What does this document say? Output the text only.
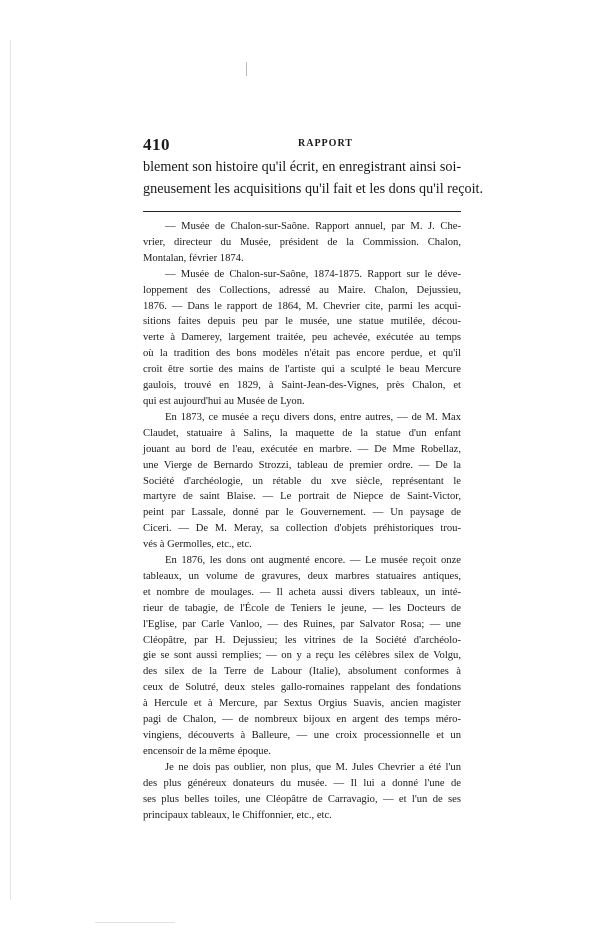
410	RAPPORT
blement son histoire qu'il écrit, en enregistrant ainsi soi-
gneusement les acquisitions qu'il fait et les dons qu'il reçoit.
— Musée de Chalon-sur-Saône. Rapport annuel, par M. J. Che-
vrier, directeur du Musée, président de la Commission. Chalon,
Montalan, février 1874.
— Musée de Chalon-sur-Saône, 1874-1875. Rapport sur le déve-
loppement des Collections, adressé au Maire. Chalon, Dejussieu,
1876. — Dans le rapport de 1864, M. Chevrier cite, parmi les acqui-
sitions faites depuis peu par le musée, une statue mutilée, décou-
verte à Damerey, largement traitée, peu achevée, exécutée au temps
où la tradition des bons modèles n'était pas encore perdue, et qu'il
croit être sortie des mains de l'artiste qui a sculpté le beau Mercure
gaulois, trouvé en 1829, à Saint-Jean-des-Vignes, près Chalon, et
qui est aujourd'hui au Musée de Lyon.
En 1873, ce musée a reçu divers dons, entre autres, — de M. Max
Claudet, statuaire à Salins, la maquette de la statue d'un enfant
jouant au bord de l'eau, exécutée en marbre. — De Mme Robellaz,
une Vierge de Bernardo Strozzi, tableau de premier ordre. — De la
Société d'archéologie, un rétable du xve siècle, représentant le
martyre de saint Blaise. — Le portrait de Niepce de Saint-Victor,
peint par Lassale, donné par le Gouvernement. — Un paysage de
Ciceri. — De M. Meray, sa collection d'objets préhistoriques trou-
vés à Germolles, etc., etc.
En 1876, les dons ont augmenté encore. — Le musée reçoit onze
tableaux, un volume de gravures, deux marbres statuaires antiques,
et nombre de moulages. — Il acheta aussi divers tableaux, un inté-
rieur de tabagie, de l'École de Teniers le jeune, — les Docteurs de
l'Eglise, par Carle Vanloo, — des Ruines, par Salvator Rosa; — une
Cléopâtre, par H. Dejussieu; les vitrines de la Société d'archéolo-
gie se sont aussi remplies; — on y a reçu les célèbres silex de Volgu,
des silex de la Terre de Labour (Italie), absolument conformes à
ceux de Solutré, deux steles gallo-romaines rappelant des fondations
à Hercule et à Mercure, par Sextus Orgius Suavis, ancien magister
pagi de Chalon, — de nombreux bijoux en argent des temps méro-
vingiens, découverts à Balleure, — une croix processionnelle et un
encensoir de la même époque.
Je ne dois pas oublier, non plus, que M. Jules Chevrier a été l'un
des plus généreux donateurs du musée. — Il lui a donné l'une de
ses plus belles toiles, une Cléopâtre de Carravagio, — et l'un de ses
principaux tableaux, le Chiffonnier, etc., etc.
